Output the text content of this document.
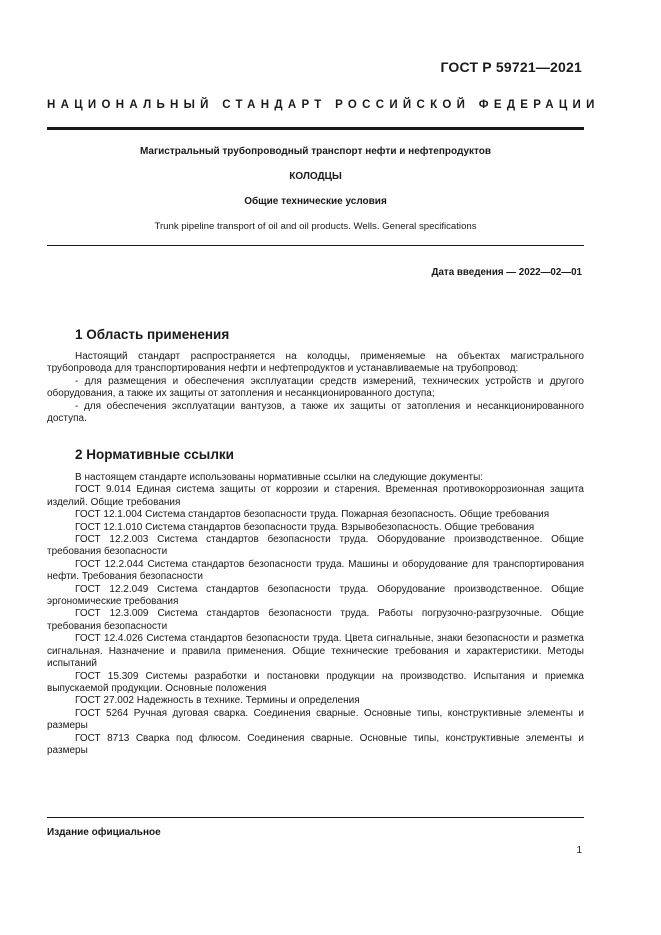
ГОСТ Р 59721—2021
НАЦИОНАЛЬНЫЙ СТАНДАРТ РОССИЙСКОЙ ФЕДЕРАЦИИ
Магистральный трубопроводный транспорт нефти и нефтепродуктов
КОЛОДЦЫ
Общие технические условия
Trunk pipeline transport of oil and oil products. Wells. General specifications
Дата введения — 2022—02—01
1 Область применения

Настоящий стандарт распространяется на колодцы, применяемые на объектах магистрального трубопровода для транспортирования нефти и нефтепродуктов и устанавливаемые на трубопровод:

- для размещения и обеспечения эксплуатации средств измерений, технических устройств и другого оборудования, а также их защиты от затопления и несанкционированного доступа;

- для обеспечения эксплуатации вантузов, а также их защиты от затопления и несанкционированного доступа.

2 Нормативные ссылки

В настоящем стандарте использованы нормативные ссылки на следующие документы:

ГОСТ 9.014 Единая система защиты от коррозии и старения. Временная противокоррозионная защита изделий. Общие требования

ГОСТ 12.1.004 Система стандартов безопасности труда. Пожарная безопасность. Общие требования

ГОСТ 12.1.010 Система стандартов безопасности труда. Взрывобезопасность. Общие требования

ГОСТ 12.2.003 Система стандартов безопасности труда. Оборудование производственное. Общие требования безопасности

ГОСТ 12.2.044 Система стандартов безопасности труда. Машины и оборудование для транспортирования нефти. Требования безопасности

ГОСТ 12.2.049 Система стандартов безопасности труда. Оборудование производственное. Общие эргономические требования

ГОСТ 12.3.009 Система стандартов безопасности труда. Работы погрузочно-разгрузочные. Общие требования безопасности

ГОСТ 12.4.026 Система стандартов безопасности труда. Цвета сигнальные, знаки безопасности и разметка сигнальная. Назначение и правила применения. Общие технические требования и характеристики. Методы испытаний

ГОСТ 15.309 Системы разработки и постановки продукции на производство. Испытания и приемка выпускаемой продукции. Основные положения

ГОСТ 27.002 Надежность в технике. Термины и определения

ГОСТ 5264 Ручная дуговая сварка. Соединения сварные. Основные типы, конструктивные элементы и размеры

ГОСТ 8713 Сварка под флюсом. Соединения сварные. Основные типы, конструктивные элементы и размеры

Издание официальное
1
